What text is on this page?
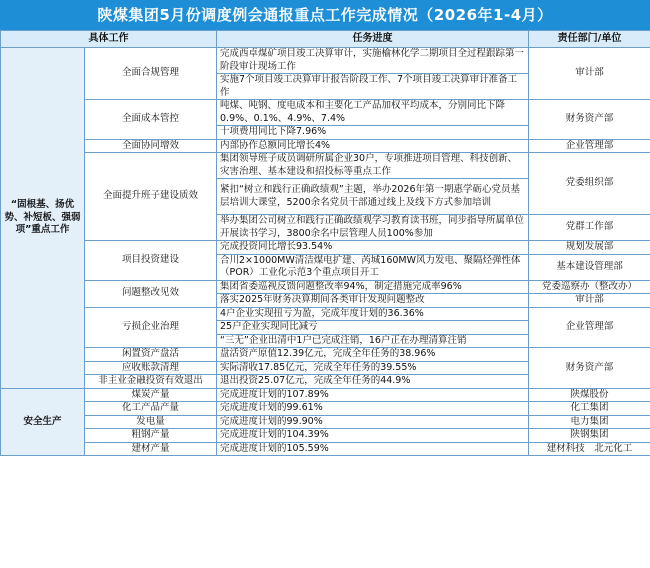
陕煤集团5月份调度例会通报重点工作完成情况（2026年1-4月）
具体工作		任务进度	责任部门/单位
“固根基、扬优势、补短板、强弱项”重点工作	全面合规管理	完成西卓煤矿项目竣工决算审计，实施榆林化学二期项目全过程跟踪第一阶段审计现场工作	审计部
		实施7个项目竣工决算审计报告阶段工作、7个项目竣工决算审计准备工作	
	全面成本管控	吨煤、吨钢、度电成本和主要化工产品加权平均成本，分别同比下降0.9%、0.1%、4.9%、7.4%	财务资产部
		十项费用同比下降7.96%	
	全面协同增效	内部协作总额同比增长4%	企业管理部
	全面提升班子建设质效	集团领导班子成员调研所属企业30户，专项推进项目管理、科技创新、灾害治理、基本建设和招投标等重点工作	党委组织部
		紧扣“树立和践行正确政绩观”主题，举办2026年第一期惠学砺心党员基层培训大课堂，5200余名党员干部通过线上及线下方式参加培训	
		举办集团公司树立和践行正确政绩观学习教育读书班，同步指导所属单位开展读书学习，3800余名中层管理人员100%参加	党群工作部
	项目投资建设	完成投资同比增长93.54%	规划发展部
		合川2×1000MW清洁煤电扩建、芮城160MW风力发电、聚隔烃弹性体（POR）工业化示范3个重点项目开工	基本建设管理部
	问题整改见效	集团省委巡视反馈问题整改率94%，制定措施完成率96%	党委巡察办（整改办）
		落实2025年财务决算期间各类审计发现问题整改	审计部
	亏损企业治理	4户企业实现扭亏为盈，完成年度计划的36.36%	企业管理部
		25户企业实现同比减亏	
		“三无”企业出清中1户已完成注销，16户正在办理清算注销	
	闲置资产盘活	盘活资产原值12.39亿元，完成全年任务的38.96%	财务资产部
	应收账款清理	实际清收17.85亿元，完成全年任务的39.55%	
	非主业金融投资有效退出	退出投资25.07亿元，完成全年任务的44.9%	
安全生产	煤炭产量	完成进度计划的107.89%	陕煤股份
	化工产品产量	完成进度计划的99.61%	化工集团
	发电量	完成进度计划的99.90%	电力集团
	粗钢产量	完成进度计划的104.39%	陕钢集团
	建材产量	完成进度计划的105.59%	建材科技　北元化工
